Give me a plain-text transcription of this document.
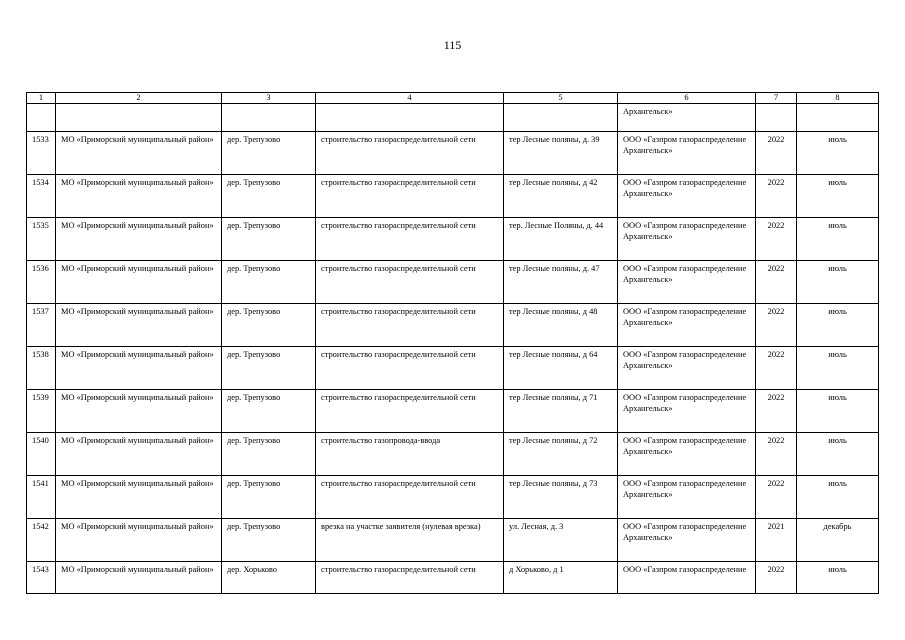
115
1	2	3	4	5	6	7	8
					Архангельск»		
1533	МО «Приморский муниципальный район»	дер. Трепузово	строительство газораспределительной сети	тер Лесные поляны, д. 39	ООО «Газпром газораспределение Архангельск»	2022	июль
1534	МО «Приморский муниципальный район»	дер. Трепузово	строительство газораспределительной сети	тер Лесные поляны, д 42	ООО «Газпром газораспределение Архангельск»	2022	июль
1535	МО «Приморский муниципальный район»	дер. Трепузово	строительство газораспределительной сети	тер. Лесные Поляны, д. 44	ООО «Газпром газораспределение Архангельск»	2022	июль
1536	МО «Приморский муниципальный район»	дер. Трепузово	строительство газораспределительной сети	тер Лесные поляны, д. 47	ООО «Газпром газораспределение Архангельск»	2022	июль
1537	МО «Приморский муниципальный район»	дер. Трепузово	строительство газораспределительной сети	тер Лесные поляны, д 48	ООО «Газпром газораспределение Архангельск»	2022	июль
1538	МО «Приморский муниципальный район»	дер. Трепузово	строительство газораспределительной сети	тер Лесные поляны, д 64	ООО «Газпром газораспределение Архангельск»	2022	июль
1539	МО «Приморский муниципальный район»	дер. Трепузово	строительство газораспределительной сети	тер Лесные поляны, д 71	ООО «Газпром газораспределение Архангельск»	2022	июль
1540	МО «Приморский муниципальный район»	дер. Трепузово	строительство газопровода-ввода	тер Лесные поляны, д 72	ООО «Газпром газораспределение Архангельск»	2022	июль
1541	МО «Приморский муниципальный район»	дер. Трепузово	строительство газораспределительной сети	тер Лесные поляны, д 73	ООО «Газпром газораспределение Архангельск»	2022	июль
1542	МО «Приморский муниципальный район»	дер. Трепузово	врезка на участке заявителя (нулевая врезка)	ул. Лесная, д. 3	ООО «Газпром газораспределение Архангельск»	2021	декабрь
1543	МО «Приморский муниципальный район»	дер. Хорьково	строительство газораспределительной сети	д Хорьково, д 1	ООО «Газпром газораспределение	2022	июль
